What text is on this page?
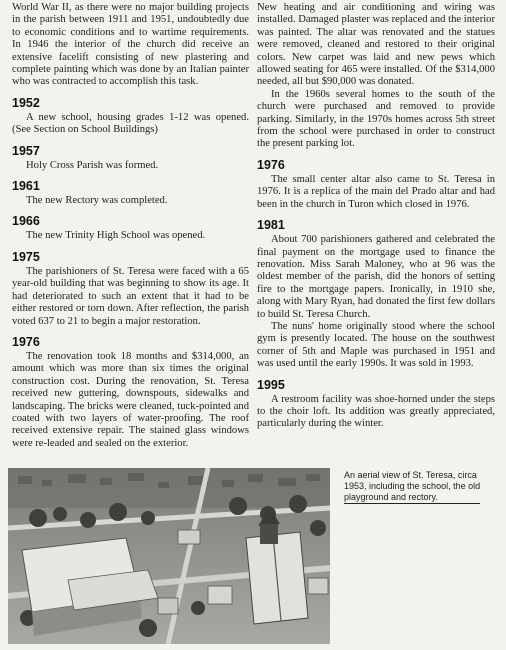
World War II, as there were no major building projects in the parish between 1911 and 1951, undoubtedly due to economic conditions and to wartime requirements. In 1946 the interior of the church did receive an extensive facelift consisting of new plastering and complete painting which was done by an Italian painter who was contracted to accomplish this task.

1952

A new school, housing grades 1-12 was opened. (See Section on School Buildings)

1957

Holy Cross Parish was formed.

1961

The new Rectory was completed.

1966

The new Trinity High School was opened.

1975

The parishioners of St. Teresa were faced with a 65 year-old building that was beginning to show its age. It had deteriorated to such an extent that it had to be either restored or torn down. After reflection, the parish voted 637 to 21 to begin a major restoration.

1976

The renovation took 18 months and $314,000, an amount which was more than six times the original construction cost. During the renovation, St. Teresa received new guttering, downspouts, sidewalks and landscaping. The bricks were cleaned, tuck-pointed and coated with two layers of water-proofing. The roof received extensive repair. The stained glass windows were re-leaded and sealed on the exterior.

New heating and air conditioning and wiring was installed. Damaged plaster was replaced and the interior was painted. The altar was renovated and the statues were removed, cleaned and restored to their original colors. New carpet was laid and new pews which allowed seating for 465 were installed. Of the $314,000 needed, all but $90,000 was donated.

In the 1960s several homes to the south of the church were purchased and removed to provide parking. Similarly, in the 1970s homes across 5th street from the school were purchased in order to construct the present parking lot.

1976

The small center altar also came to St. Teresa in 1976. It is a replica of the main del Prado altar and had been in the church in Turon which closed in 1976.

1981

About 700 parishioners gathered and celebrated the final payment on the mortgage used to finance the renovation. Miss Sarah Maloney, who at 96 was the oldest member of the parish, did the honors of setting fire to the mortgage papers. Ironically, in 1910 she, along with Mary Ryan, had donated the first few dollars to build St. Teresa Church.

The nuns' home originally stood where the school gym is presently located. The house on the southwest corner of 5th and Maple was purchased in 1951 and was used until the early 1990s. It was sold in 1993.

1995

A restroom facility was shoe-horned under the steps to the choir loft. Its addition was greatly appreciated, particularly during the winter.

An aerial view of St. Teresa, circa 1953, including the school, the old playground and rectory.
